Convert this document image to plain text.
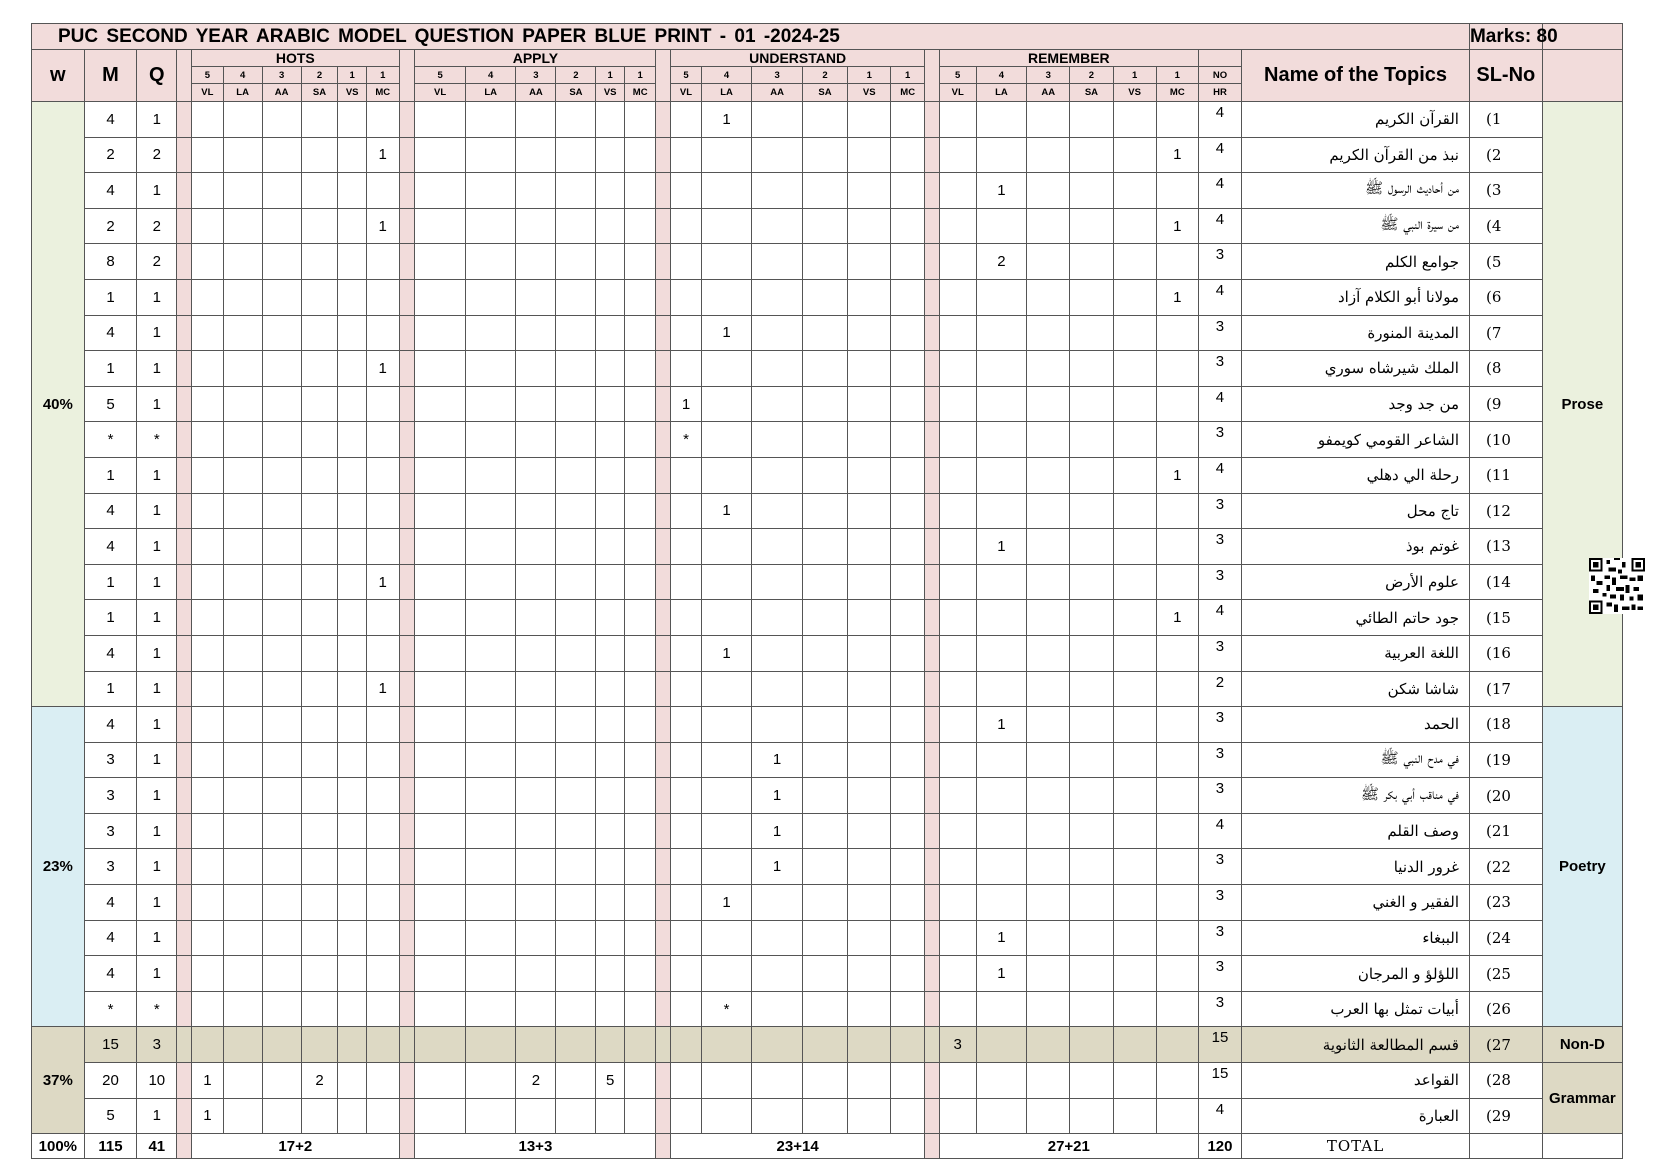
PUC SECOND YEAR ARABIC MODEL QUESTION PAPER BLUE PRINT - 01 -2024-25																																	Marks: 80	
w	M	Q		HOTS							APPLY							UNDERSTAND							REMEMBER							Name of the Topics	SL-No	
				5	4	3	2	1	1		5	4	3	2	1	1		5	4	3	2	1	1		5	4	3	2	1	1	NO			
				VL	LA	AA	SA	VS	MC		VL	LA	AA	SA	VS	MC		VL	LA	AA	SA	VS	MC		VL	LA	AA	SA	VS	MC	HR			
40%	4	1																	1												4	القرآن الكريم	(1	Prose
	2	2							1																					1	4	نبذ من القرآن الكريم	(2	
	4	1																								1					4	من أحاديث الرسول ﷺ	(3	
	2	2							1																					1	4	من سيرة النبي ﷺ	(4	
	8	2																								2					3	جوامع الكلم	(5	
	1	1																												1	4	مولانا أبو الكلام آزاد	(6	
	4	1																	1												3	المدينة المنورة	(7	
	1	1							1																						3	الملك شيرشاه سوري	(8	
	5	1																1													4	من جد وجد	(9	
	*	*																*													3	الشاعر القومي كويمفو	(10	
	1	1																												1	4	رحلة الي دهلي	(11	
	4	1																	1												3	تاج محل	(12	
	4	1																								1					3	غوتم بوذ	(13	
	1	1							1																						3	علوم الأرض	(14	
	1	1																												1	4	جود حاتم الطائي	(15	
	4	1																	1												3	اللغة العربية	(16	
	1	1							1																						2	شاشا شكن	(17	
23%	4	1																								1					3	الحمد	(18	Poetry
	3	1																		1											3	في مدح النبي ﷺ	(19	
	3	1																		1											3	في مناقب أبي بكر ﷺ	(20	
	3	1																		1											4	وصف القلم	(21	
	3	1																		1											3	غرور الدنيا	(22	
	4	1																	1												3	الفقير و الغني	(23	
	4	1																								1					3	الببغاء	(24	
	4	1																								1					3	اللؤلؤ و المرجان	(25	
	*	*																	*												3	أبيات تمثل بها العرب	(26	
37%	15	3																							3						15	قسم المطالعة الثانوية	(27	Non-D
	20	10		1			2						2		5																15	القواعد	(28	Grammar
	5	1		1																											4	العبارة	(29	
100%	115	41		17+2							13+3							23+14							27+21						120	TOTAL		
